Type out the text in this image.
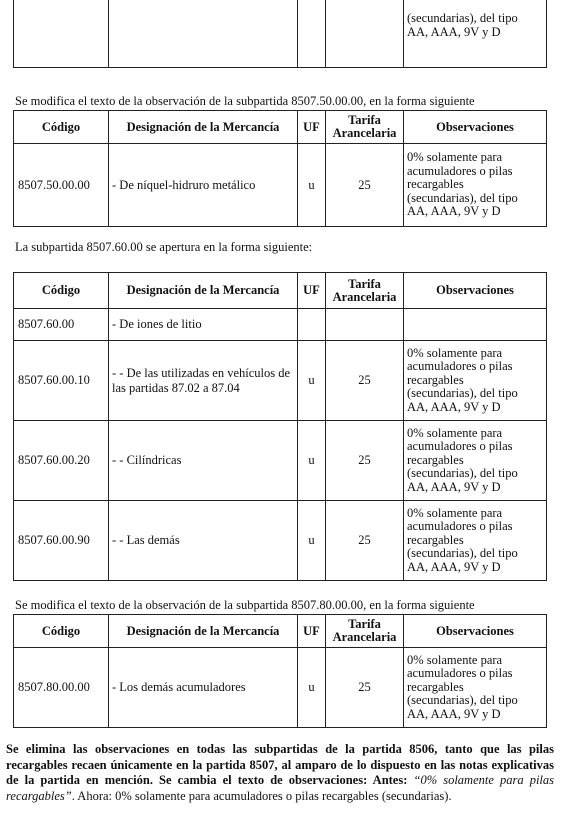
(secundarias), del tipo
AA, AAA, 9V y D
Se modifica el texto de la observación de la subpartida 8507.50.00.00, en la forma siguiente
Código	Designación de la Mercancía	UF	Tarifa Arancelaria	Observaciones
8507.50.00.00	- De níquel-hidruro metálico	u	25	0% solamente para
acumuladores o pilas
recargables
(secundarias), del tipo
AA, AAA, 9V y D
La subpartida 8507.60.00 se apertura en la forma siguiente:
Código	Designación de la Mercancía	UF	Tarifa Arancelaria	Observaciones
8507.60.00	- De iones de litio			
8507.60.00.10	- - De las utilizadas en vehículos de las partidas 87.02 a 87.04	u	25	0% solamente para
acumuladores o pilas
recargables
(secundarias), del tipo
AA, AAA, 9V y D

8507.60.00.20	- - Cilíndricas	u	25	0% solamente para
acumuladores o pilas
recargables
(secundarias), del tipo
AA, AAA, 9V y D

8507.60.00.90	- - Las demás	u	25	0% solamente para
acumuladores o pilas
recargables
(secundarias), del tipo
AA, AAA, 9V y D
Se modifica el texto de la observación de la subpartida 8507.80.00.00, en la forma siguiente
Código	Designación de la Mercancía	UF	Tarifa Arancelaria	Observaciones
8507.80.00.00	- Los demás acumuladores	u	25	0% solamente para
acumuladores o pilas
recargables
(secundarias), del tipo
AA, AAA, 9V y D
Se elimina las observaciones en todas las subpartidas de la partida 8506, tanto que las pilas recargables recaen únicamente en la partida 8507, al amparo de lo dispuesto en las notas explicativas de la partida en mención. Se cambia el texto de observaciones: Antes: “0% solamente para pilas recargables”. Ahora: 0% solamente para acumuladores o pilas recargables (secundarias).
